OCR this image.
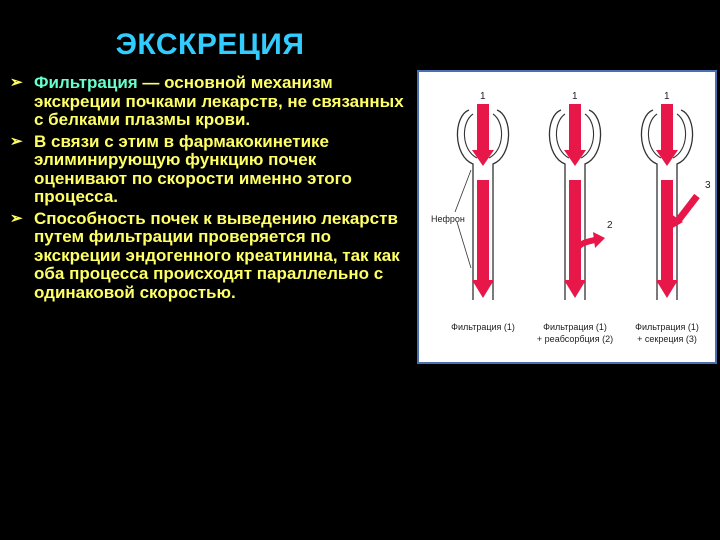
ЭКСКРЕЦИЯ
➢ Фильтрация — основной механизм экскреции почками лекарств, не связанных с белками плазмы крови.
➢ В связи с этим в фармакокинетике элиминирующую функцию почек оценивают по скорости именно этого процесса.
➢ Способность почек к выведению лекарств путем фильтрации проверяется по экскреции эндогенного креатинина, так как оба процесса происходят параллельно с одинаковой скоростью.
1
Фильтрация (1)
Нефрон
1
2
Фильтрация (1)
+ реабсорбция (2)
1
3
Фильтрация (1)
+ секреция (3)
